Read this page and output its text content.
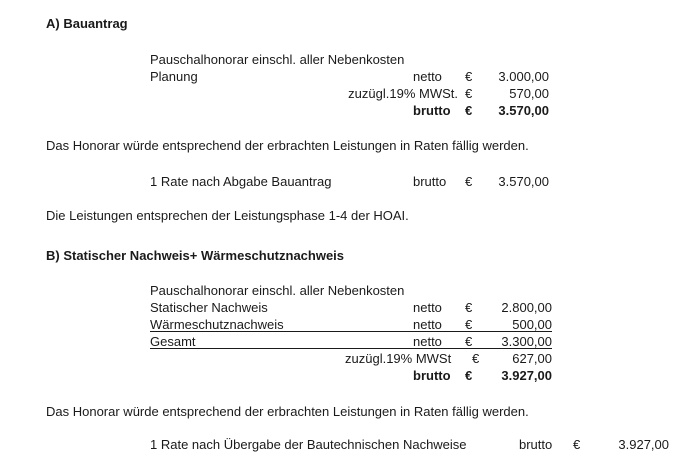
A) Bauantrag
Pauschalhonorar einschl. aller Nebenkosten
Planung	netto €	3.000,00
zuzügl.19% MWSt. €	570,00
brutto €	3.570,00
Das Honorar würde entsprechend der erbrachten Leistungen in Raten fällig werden.
1 Rate nach Abgabe Bauantrag	brutto €	3.570,00
Die Leistungen entsprechen der Leistungsphase 1-4 der HOAI.
B) Statischer Nachweis+ Wärmeschutznachweis
Pauschalhonorar einschl. aller Nebenkosten
Statischer Nachweis	netto €	2.800,00
Wärmeschutznachweis	netto €	500,00
Gesamt	netto €	3.300,00
zuzügl.19% MWSt €	627,00
brutto €	3.927,00
Das Honorar würde entsprechend der erbrachten Leistungen in Raten fällig werden.
1 Rate nach Übergabe der Bautechnischen Nachweise	brutto €	3.927,00
